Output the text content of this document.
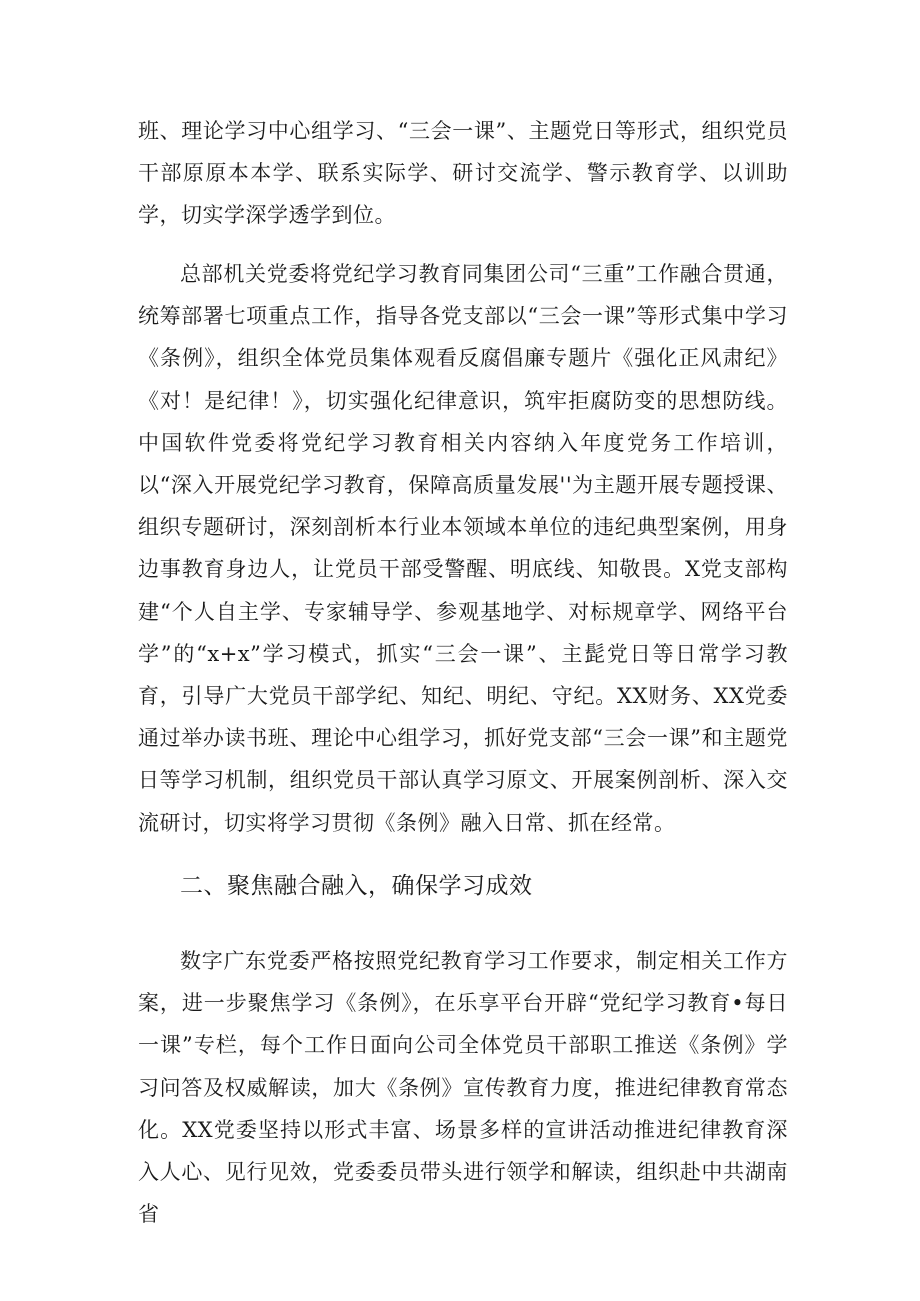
班、理论学习中心组学习、“三会一课”、主题党日等形式，组织党员干部原原本本学、联系实际学、研讨交流学、警示教育学、以训助学，切实学深学透学到位。

总部机关党委将党纪学习教育同集团公司“三重”工作融合贯通，统筹部署七项重点工作，指导各党支部以“三会一课”等形式集中学习《条例》，组织全体党员集体观看反腐倡廉专题片《强化正风肃纪》《对！是纪律！》，切实强化纪律意识，筑牢拒腐防变的思想防线。中国软件党委将党纪学习教育相关内容纳入年度党务工作培训，以“深入开展党纪学习教育，保障高质量发展''为主题开展专题授课、组织专题研讨，深刻剖析本行业本领域本单位的违纪典型案例，用身边事教育身边人，让党员干部受警醒、明底线、知敬畏。X党支部构建“个人自主学、专家辅导学、参观基地学、对标规章学、网络平台学”的“x+x”学习模式，抓实“三会一课”、主髭党日等日常学习教育，引导广大党员干部学纪、知纪、明纪、守纪。XX财务、XX党委通过举办读书班、理论中心组学习，抓好党支部“三会一课”和主题党日等学习机制，组织党员干部认真学习原文、开展案例剖析、深入交流研讨，切实将学习贯彻《条例》融入日常、抓在经常。

二、聚焦融合融入，确保学习成效

数字广东党委严格按照党纪教育学习工作要求，制定相关工作方案，进一步聚焦学习《条例》，在乐享平台开辟“党纪学习教育•每日一课”专栏，每个工作日面向公司全体党员干部职工推送《条例》学习问答及权威解读，加大《条例》宣传教育力度，推进纪律教育常态化。XX党委坚持以形式丰富、场景多样的宣讲活动推进纪律教育深入人心、见行见效，党委委员带头进行领学和解读，组织赴中共湖南省
